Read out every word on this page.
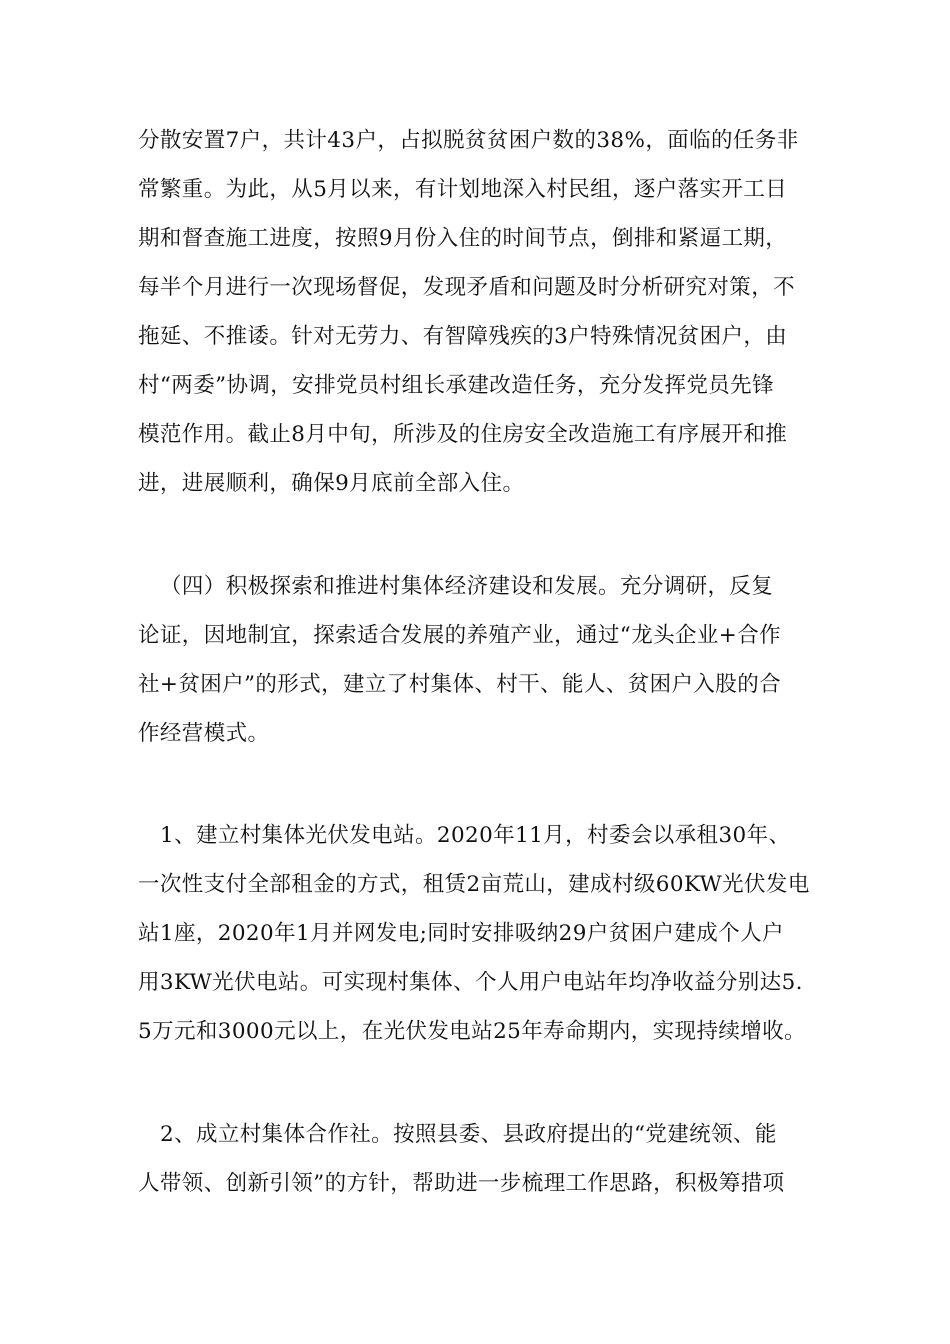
分散安置7户，共计43户，占拟脱贫贫困户数的38%，面临的任务非
常繁重。为此，从5月以来，有计划地深入村民组，逐户落实开工日
期和督查施工进度，按照9月份入住的时间节点，倒排和紧逼工期，
每半个月进行一次现场督促，发现矛盾和问题及时分析研究对策，不
拖延、不推诿。针对无劳力、有智障残疾的3户特殊情况贫困户，由
村“两委”协调，安排党员村组长承建改造任务，充分发挥党员先锋
模范作用。截止8月中旬，所涉及的住房安全改造施工有序展开和推
进，进展顺利，确保9月底前全部入住。
（四）积极探索和推进村集体经济建设和发展。充分调研，反复
论证，因地制宜，探索适合发展的养殖产业，通过“龙头企业+合作
社+贫困户”的形式，建立了村集体、村干、能人、贫困户入股的合
作经营模式。
1、建立村集体光伏发电站。2020年11月，村委会以承租30年、
一次性支付全部租金的方式，租赁2亩荒山，建成村级60KW光伏发电
站1座，2020年1月并网发电;同时安排吸纳29户贫困户建成个人户
用3KW光伏电站。可实现村集体、个人用户电站年均净收益分别达5.
5万元和3000元以上，在光伏发电站25年寿命期内，实现持续增收。
2、成立村集体合作社。按照县委、县政府提出的“党建统领、能
人带领、创新引领”的方针，帮助进一步梳理工作思路，积极筹措项
